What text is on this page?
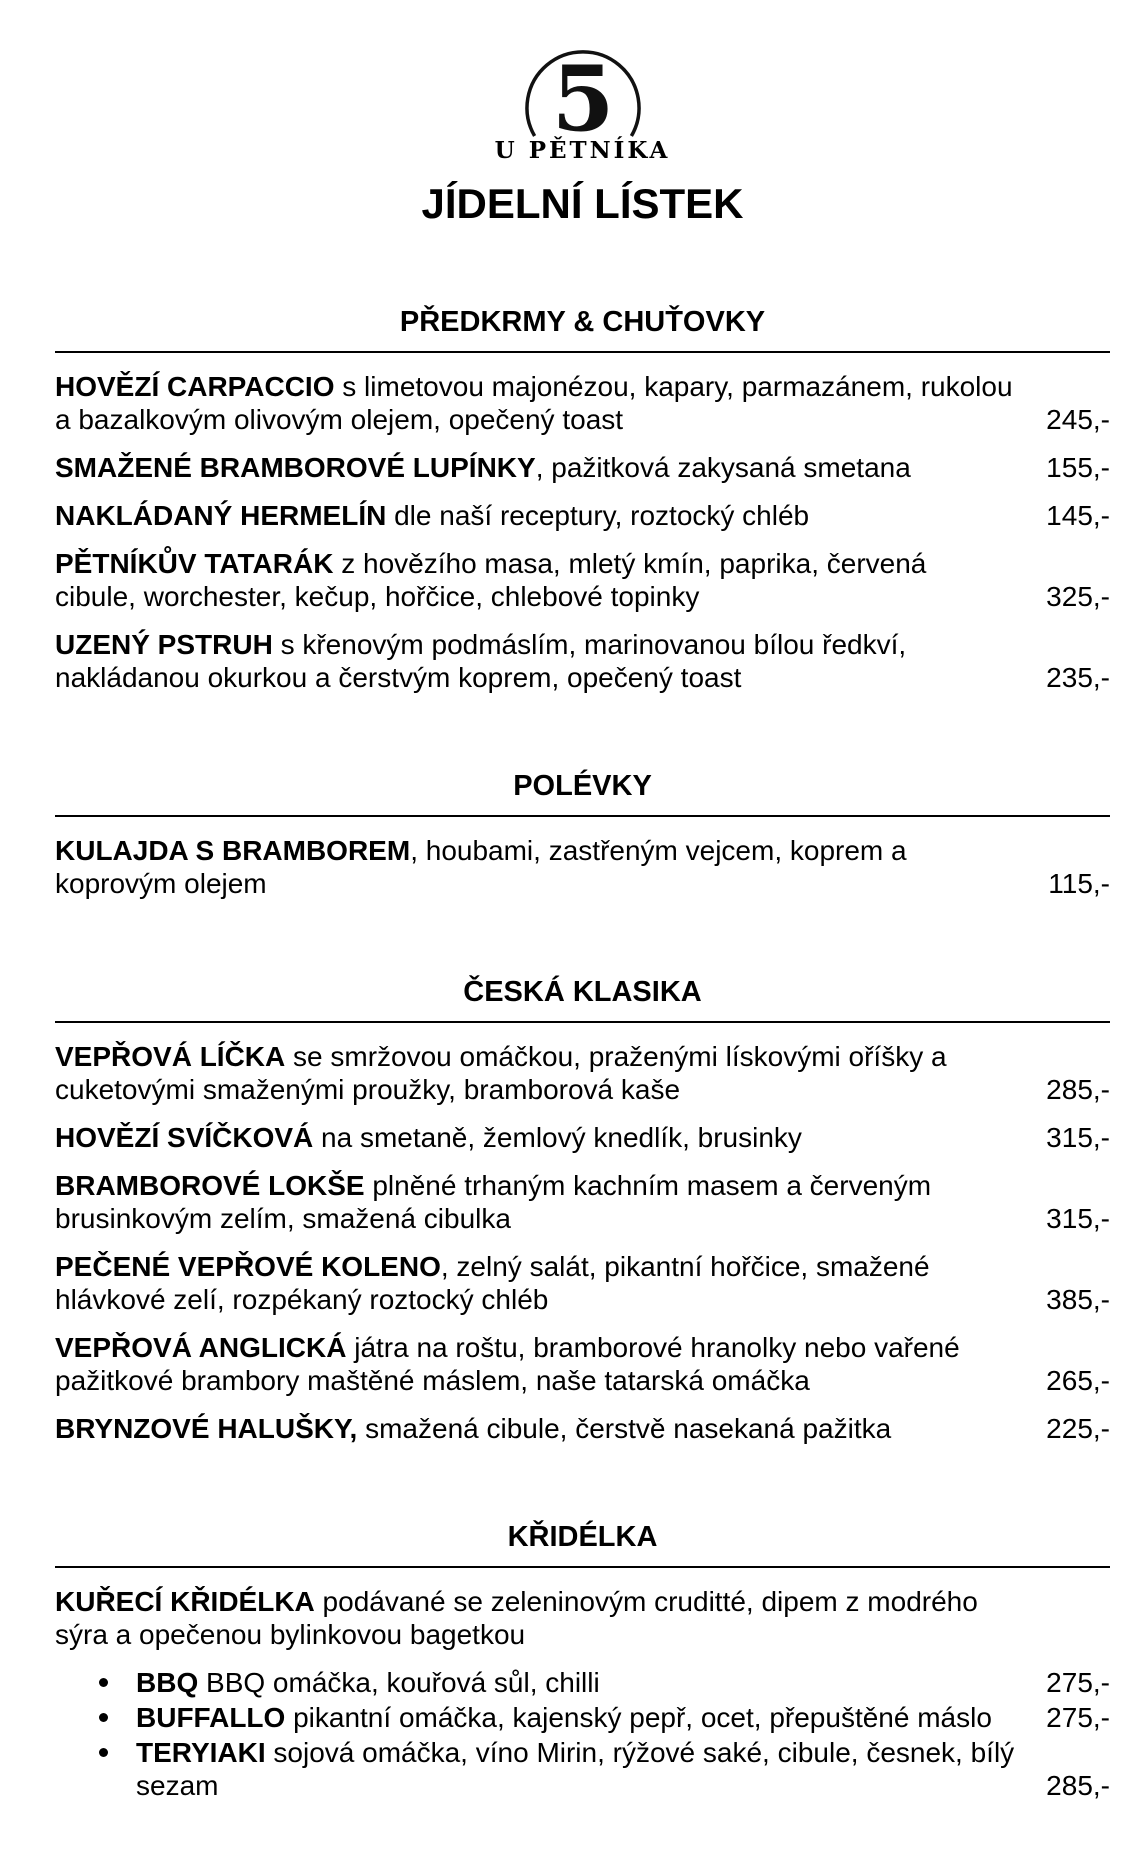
5
U PĚTNÍKA
JÍDELNÍ LÍSTEK
PŘEDKRMY & CHUŤOVKY

HOVĚZÍ CARPACCIO s limetovou majonézou, kapary, parmazánem, rukolou a bazalkovým olivovým olejem, opečený toast	245,-

SMAŽENÉ BRAMBOROVÉ LUPÍNKY, pažitková zakysaná smetana	155,-

NAKLÁDANÝ HERMELÍN dle naší receptury, roztocký chléb	145,-

PĚTNÍKŮV TATARÁK z hovězího masa, mletý kmín, paprika, červená cibule, worchester, kečup, hořčice, chlebové topinky	325,-

UZENÝ PSTRUH s křenovým podmáslím, marinovanou bílou ředkví, nakládanou okurkou a čerstvým koprem, opečený toast	235,-
POLÉVKY

KULAJDA S BRAMBOREM, houbami, zastřeným vejcem, koprem a koprovým olejem	115,-
ČESKÁ KLASIKA

VEPŘOVÁ LÍČKA se smržovou omáčkou, praženými lískovými oříšky a cuketovými smaženými proužky, bramborová kaše	285,-

HOVĚZÍ SVÍČKOVÁ na smetaně, žemlový knedlík, brusinky	315,-

BRAMBOROVÉ LOKŠE plněné trhaným kachním masem a červeným brusinkovým zelím, smažená cibulka	315,-

PEČENÉ VEPŘOVÉ KOLENO, zelný salát, pikantní hořčice, smažené hlávkové zelí, rozpékaný roztocký chléb	385,-

VEPŘOVÁ ANGLICKÁ játra na roštu, bramborové hranolky nebo vařené pažitkové brambory maštěné máslem, naše tatarská omáčka	265,-

BRYNZOVÉ HALUŠKY, smažená cibule, čerstvě nasekaná pažitka	225,-
KŘIDÉLKA

KUŘECÍ KŘIDÉLKA podávané se zeleninovým cruditté, dipem z modrého sýra a opečenou bylinkovou bagetkou

BBQ BBQ omáčka, kouřová sůl, chilli	275,-
BUFFALLO pikantní omáčka, kajenský pepř, ocet, přepuštěné máslo 275,-
TERYIAKI sojová omáčka, víno Mirin, rýžové saké, cibule, česnek, bílý sezam	285,-
